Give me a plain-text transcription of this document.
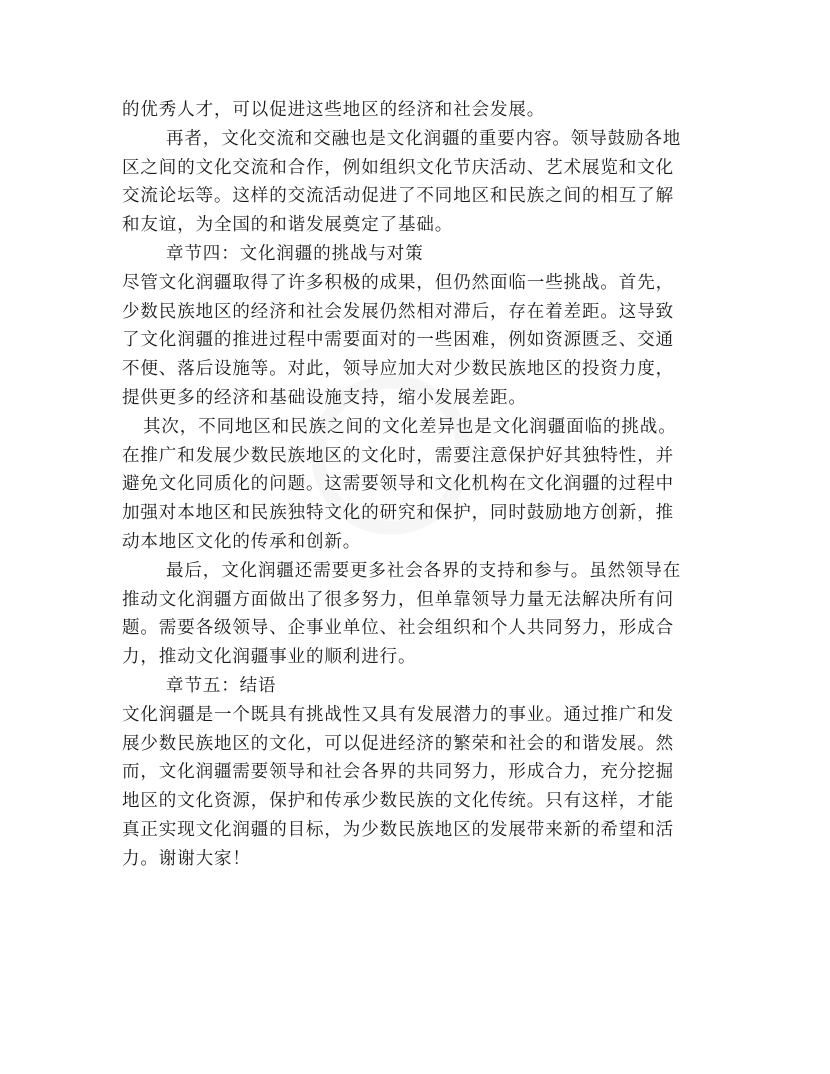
的优秀人才，可以促进这些地区的经济和社会发展。
再者，文化交流和交融也是文化润疆的重要内容。领导鼓励各地
区之间的文化交流和合作，例如组织文化节庆活动、艺术展览和文化
交流论坛等。这样的交流活动促进了不同地区和民族之间的相互了解
和友谊，为全国的和谐发展奠定了基础。
章节四：文化润疆的挑战与对策
尽管文化润疆取得了许多积极的成果，但仍然面临一些挑战。首先，
少数民族地区的经济和社会发展仍然相对滞后，存在着差距。这导致
了文化润疆的推进过程中需要面对的一些困难，例如资源匮乏、交通
不便、落后设施等。对此，领导应加大对少数民族地区的投资力度，
提供更多的经济和基础设施支持，缩小发展差距。
其次，不同地区和民族之间的文化差异也是文化润疆面临的挑战。
在推广和发展少数民族地区的文化时，需要注意保护好其独特性，并
避免文化同质化的问题。这需要领导和文化机构在文化润疆的过程中
加强对本地区和民族独特文化的研究和保护，同时鼓励地方创新，推
动本地区文化的传承和创新。
最后，文化润疆还需要更多社会各界的支持和参与。虽然领导在
推动文化润疆方面做出了很多努力，但单靠领导力量无法解决所有问
题。需要各级领导、企事业单位、社会组织和个人共同努力，形成合
力，推动文化润疆事业的顺利进行。
章节五：结语
文化润疆是一个既具有挑战性又具有发展潜力的事业。通过推广和发
展少数民族地区的文化，可以促进经济的繁荣和社会的和谐发展。然
而，文化润疆需要领导和社会各界的共同努力，形成合力，充分挖掘
地区的文化资源，保护和传承少数民族的文化传统。只有这样，才能
真正实现文化润疆的目标，为少数民族地区的发展带来新的希望和活
力。谢谢大家！
